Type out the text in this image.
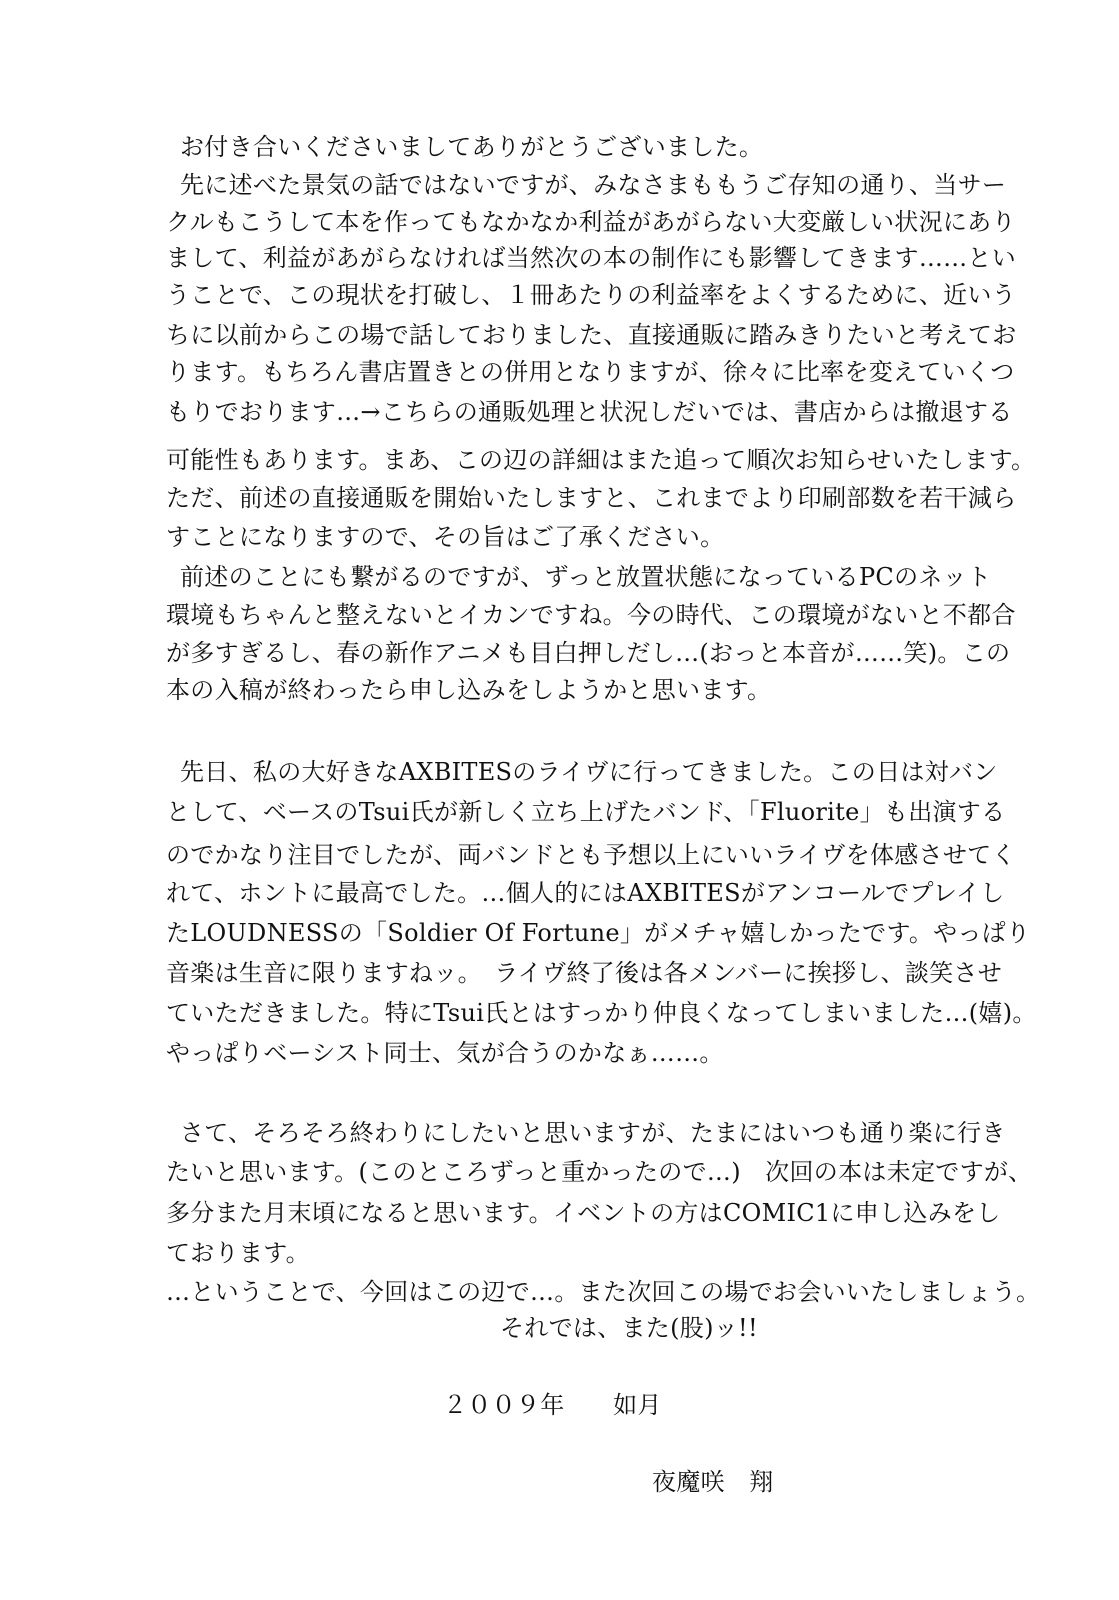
お付き合いくださいましてありがとうございました。
先に述べた景気の話ではないですが、みなさまももうご存知の通り、当サー
クルもこうして本を作ってもなかなか利益があがらない大変厳しい状況にあり
まして、利益があがらなければ当然次の本の制作にも影響してきます……とい
うことで、この現状を打破し、１冊あたりの利益率をよくするために、近いう
ちに以前からこの場で話しておりました、直接通販に踏みきりたいと考えてお
ります。もちろん書店置きとの併用となりますが、徐々に比率を変えていくつ
もりでおります…→こちらの通販処理と状況しだいでは、書店からは撤退する
可能性もあります。まあ、この辺の詳細はまた追って順次お知らせいたします。
ただ、前述の直接通販を開始いたしますと、これまでより印刷部数を若干減ら
すことになりますので、その旨はご了承ください。
前述のことにも繋がるのですが、ずっと放置状態になっているPCのネット
環境もちゃんと整えないとイカンですね。今の時代、この環境がないと不都合
が多すぎるし、春の新作アニメも目白押しだし…(おっと本音が……笑)。この
本の入稿が終わったら申し込みをしようかと思います。
先日、私の大好きなAXBITESのライヴに行ってきました。この日は対バン
として、ベースのTsui氏が新しく立ち上げたバンド、「Fluorite」も出演する
のでかなり注目でしたが、両バンドとも予想以上にいいライヴを体感させてく
れて、ホントに最高でした。…個人的にはAXBITESがアンコールでプレイし
たLOUDNESSの「Soldier Of Fortune」がメチャ嬉しかったです。やっぱり
音楽は生音に限りますねッ。　ライヴ終了後は各メンバーに挨拶し、談笑させ
ていただきました。特にTsui氏とはすっかり仲良くなってしまいました…(嬉)。
やっぱりベーシスト同士、気が合うのかなぁ……。
さて、そろそろ終わりにしたいと思いますが、たまにはいつも通り楽に行き
たいと思います。(このところずっと重かったので…)　次回の本は未定ですが、
多分また月末頃になると思います。イベントの方はCOMIC1に申し込みをし
ております。
…ということで、今回はこの辺で…。また次回この場でお会いいたしましょう。
それでは、また(股)ッ!!
２００９年　　如月
夜魔咲　翔
